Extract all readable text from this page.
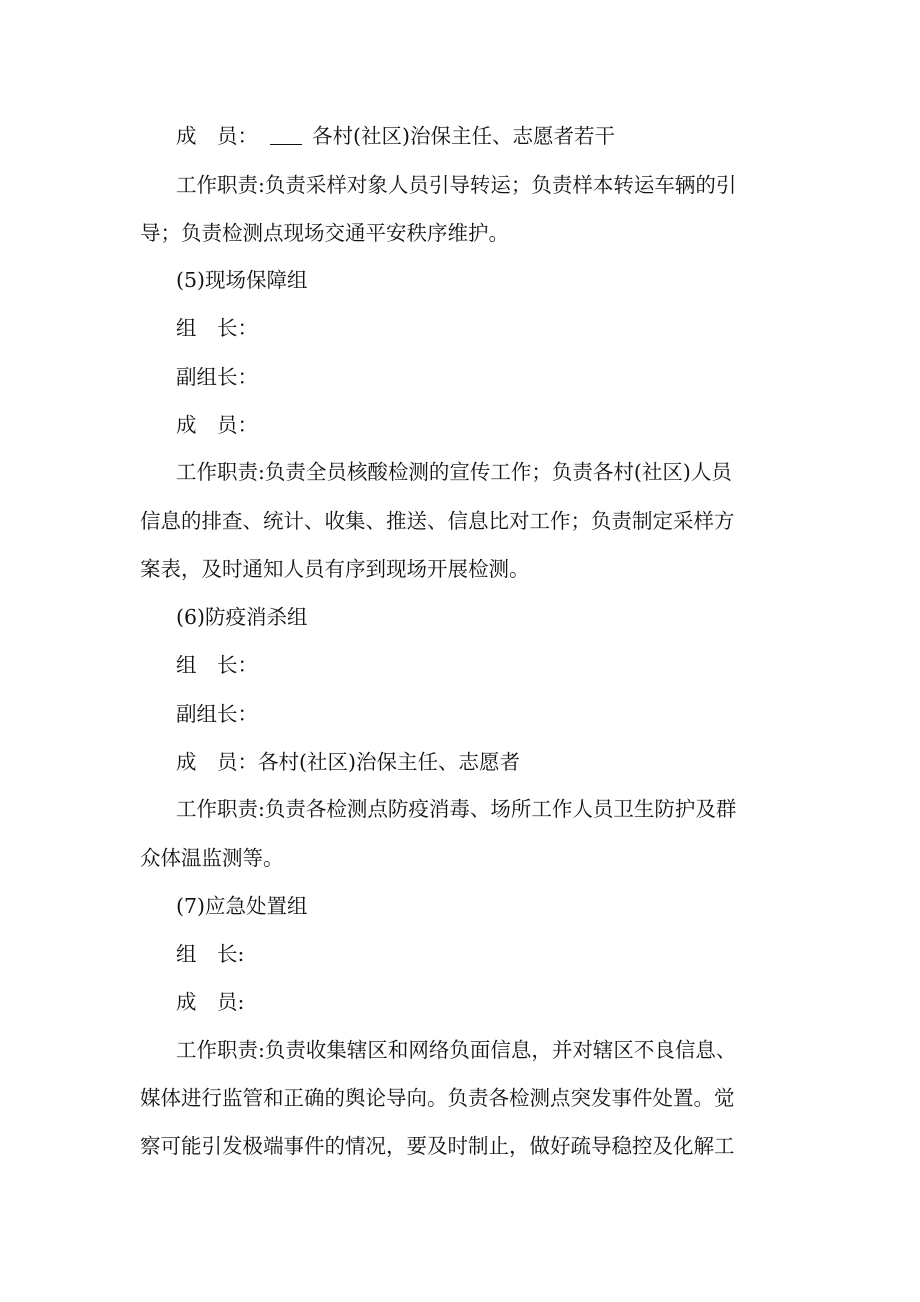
成　员：	各村(社区)治保主任、志愿者若干
工作职责:负责采样对象人员引导转运；负责样本转运车辆的引
导；负责检测点现场交通平安秩序维护。
(5)现场保障组
组　长：
副组长：
成　员：
工作职责:负责全员核酸检测的宣传工作；负责各村(社区)人员
信息的排查、统计、收集、推送、信息比对工作；负责制定采样方
案表，及时通知人员有序到现场开展检测。
(6)防疫消杀组
组　长：
副组长：
成　员：各村(社区)治保主任、志愿者
工作职责:负责各检测点防疫消毒、场所工作人员卫生防护及群
众体温监测等。
(7)应急处置组
组　长:
成　员:
工作职责:负责收集辖区和网络负面信息，并对辖区不良信息、
媒体进行监管和正确的舆论导向。负责各检测点突发事件处置。觉
察可能引发极端事件的情况，要及时制止，做好疏导稳控及化解工
